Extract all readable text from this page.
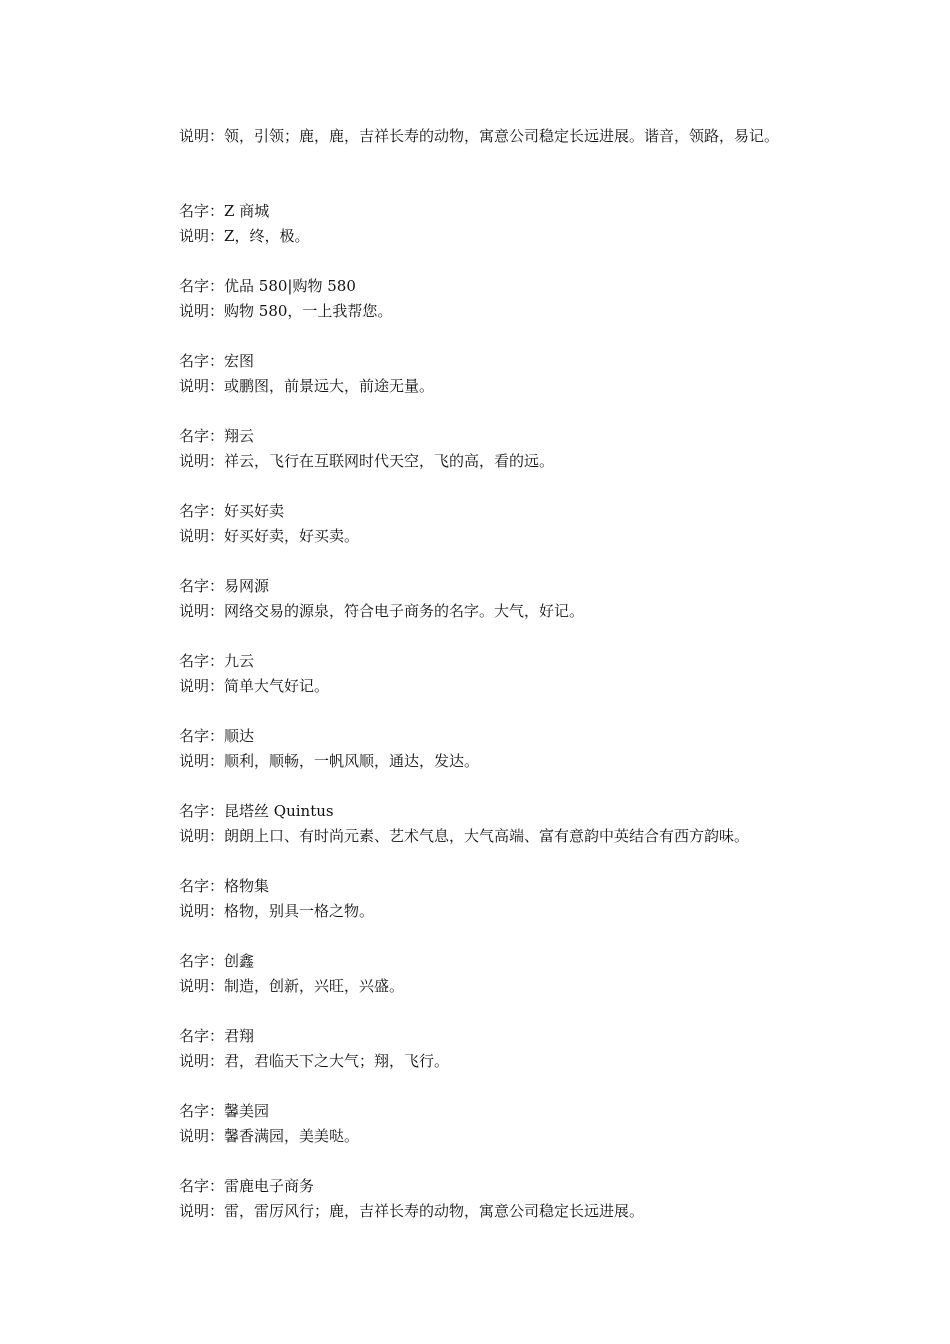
说明：领，引领；鹿，鹿，吉祥长寿的动物，寓意公司稳定长远进展。谐音，领路，易记。

名字：Z 商城
说明：Z，终，极。
名字：优品 580|购物 580
说明：购物 580，一上我帮您。
名字：宏图
说明：或鹏图，前景远大，前途无量。
名字：翔云
说明：祥云，飞行在互联网时代天空，飞的高，看的远。
名字：好买好卖
说明：好买好卖，好买卖。
名字：易网源
说明：网络交易的源泉，符合电子商务的名字。大气，好记。
名字：九云
说明：简单大气好记。
名字：顺达
说明：顺利，顺畅，一帆风顺，通达，发达。
名字：昆塔丝 Quintus
说明：朗朗上口、有时尚元素、艺术气息，大气高端、富有意韵中英结合有西方韵味。
名字：格物集
说明：格物，别具一格之物。
名字：创鑫
说明：制造，创新，兴旺，兴盛。
名字：君翔
说明：君，君临天下之大气；翔，飞行。
名字：馨美园
说明：馨香满园，美美哒。
名字：雷鹿电子商务
说明：雷，雷厉风行；鹿，吉祥长寿的动物，寓意公司稳定长远进展。
